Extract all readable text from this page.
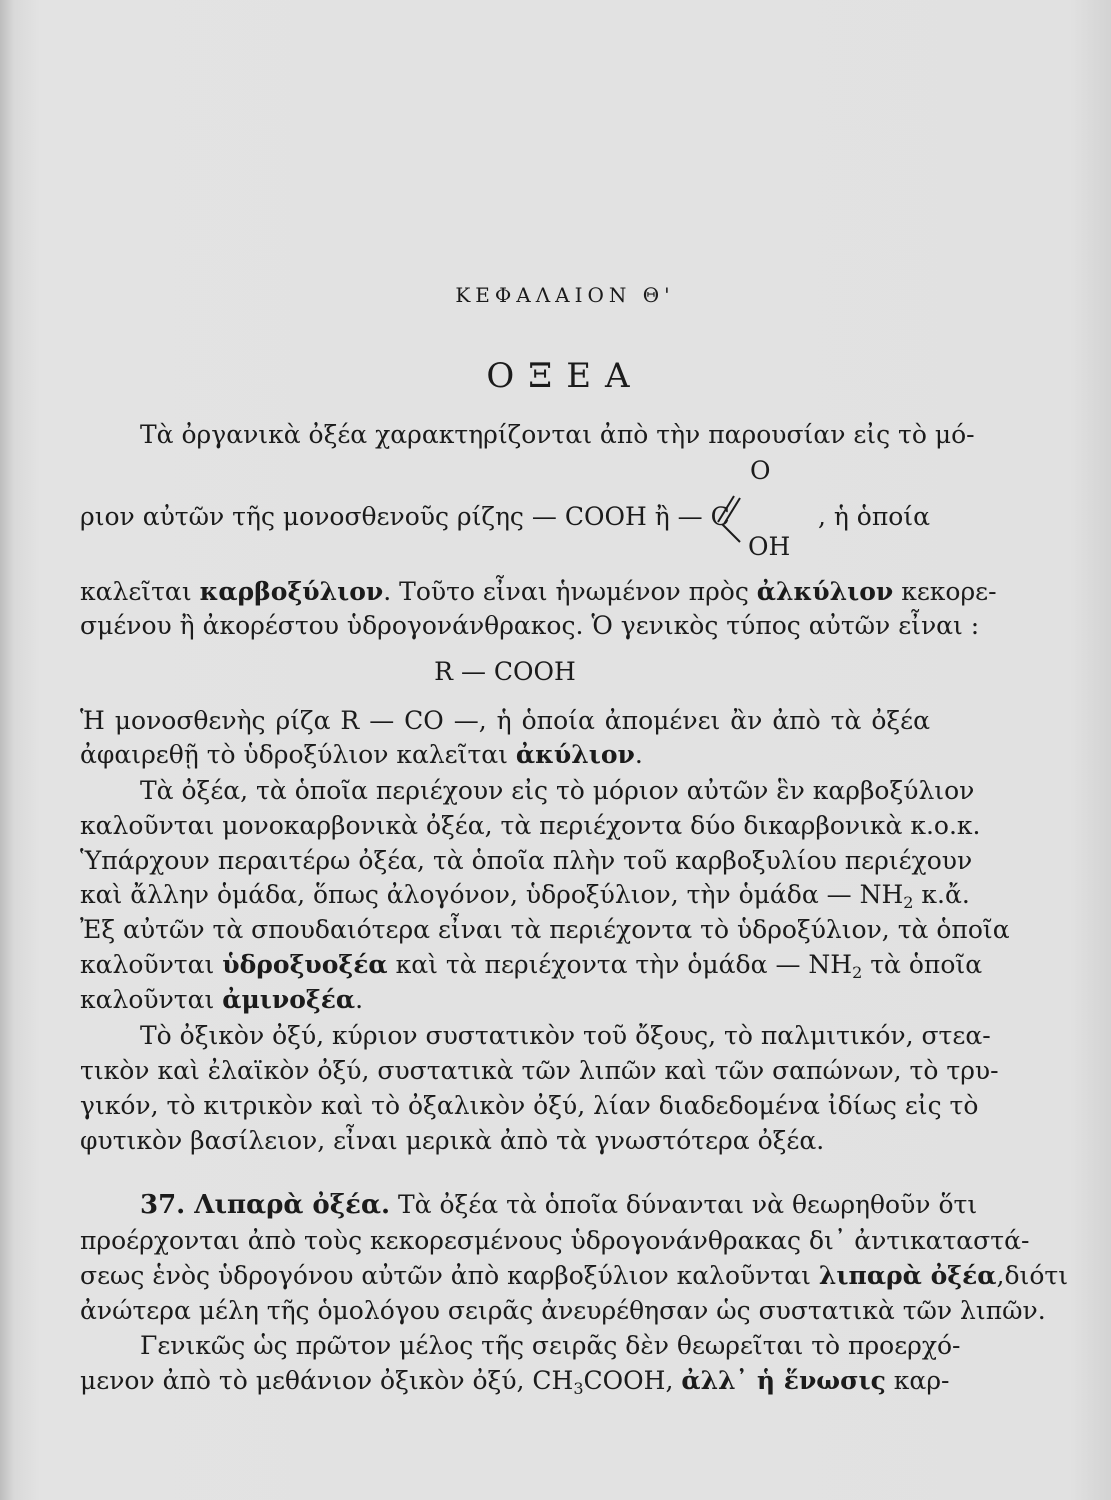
ΚΕΦΑΛΑΙΟΝ Θ'
ΟΞΕΑ
Τὰ ὀργανικὰ ὀξέα χαρακτηρίζονται ἀπὸ τὴν παρουσίαν εἰς τὸ μό-
O
ριον αὐτῶν τῆς μονοσθενοῦς ρίζης — COOH ἢ — C	, ἡ ὁποία
OH
καλεῖται καρβοξύλιον. Τοῦτο εἶναι ἡνωμένον πρὸς ἀλκύλιον κεκορε-
σμένου ἢ ἀκορέστου ὑδρογονάνθρακος. Ὁ γενικὸς τύπος αὐτῶν εἶναι :
R — COOH
Ἡ μονοσθενὴς ρίζα R — CO —, ἡ ὁποία ἀπομένει ἂν ἀπὸ τὰ ὀξέα
ἀφαιρεθῇ τὸ ὑδροξύλιον καλεῖται ἀκύλιον.
Τὰ ὀξέα, τὰ ὁποῖα περιέχουν εἰς τὸ μόριον αὐτῶν ἓν καρβοξύλιον
καλοῦνται μονοκαρβονικὰ ὀξέα, τὰ περιέχοντα δύο δικαρβονικὰ κ.ο.κ.
Ὑπάρχουν περαιτέρω ὀξέα, τὰ ὁποῖα πλὴν τοῦ καρβοξυλίου περιέχουν
καὶ ἄλλην ὁμάδα, ὅπως ἀλογόνον, ὑδροξύλιον, τὴν ὁμάδα — $NH_2$ κ.ἄ.
Ἐξ αὐτῶν τὰ σπουδαιότερα εἶναι τὰ περιέχοντα τὸ ὑδροξύλιον, τὰ ὁποῖα
καλοῦνται ὑδροξυοξέα καὶ τὰ περιέχοντα τὴν ὁμάδα — $NH_2$ τὰ ὁποῖα
καλοῦνται ἀμινοξέα.
Τὸ ὀξικὸν ὀξύ, κύριον συστατικὸν τοῦ ὄξους, τὸ παλμιτικόν, στεα-
τικὸν καὶ ἐλαϊκὸν ὀξύ, συστατικὰ τῶν λιπῶν καὶ τῶν σαπώνων, τὸ τρυ-
γικόν, τὸ κιτρικὸν καὶ τὸ ὀξαλικὸν ὀξύ, λίαν διαδεδομένα ἰδίως εἰς τὸ
φυτικὸν βασίλειον, εἶναι μερικὰ ἀπὸ τὰ γνωστότερα ὀξέα.
37. Λιπαρὰ ὀξέα. Τὰ ὀξέα τὰ ὁποῖα δύνανται νὰ θεωρηθοῦν ὅτι
προέρχονται ἀπὸ τοὺς κεκορεσμένους ὑδρογονάνθρακας δι᾽ ἀντικαταστά-
σεως ἑνὸς ὑδρογόνου αὐτῶν ἀπὸ καρβοξύλιον καλοῦνται λιπαρὰ ὀξέα,διότι
ἀνώτερα μέλη τῆς ὁμολόγου σειρᾶς ἀνευρέθησαν ὡς συστατικὰ τῶν λιπῶν.
Γενικῶς ὡς πρῶτον μέλος τῆς σειρᾶς δὲν θεωρεῖται τὸ προερχό-
μενον ἀπὸ τὸ μεθάνιον ὀξικὸν ὀξύ, $CH_3COOH$, ἀλλ᾽ ἡ ἕνωσις καρ-
